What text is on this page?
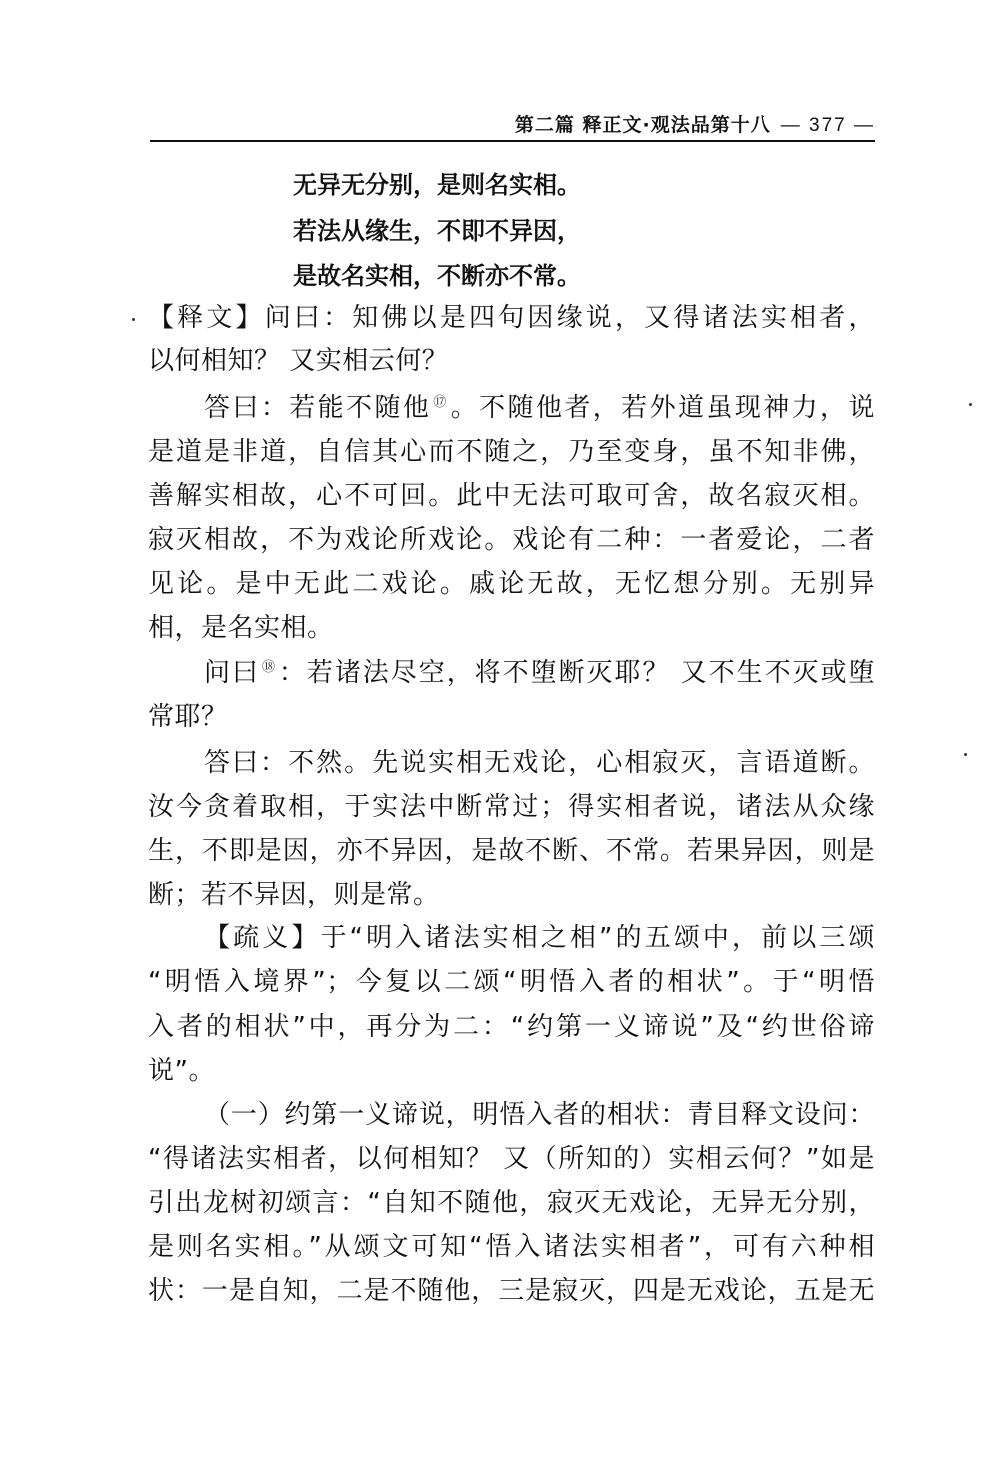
第二篇 释正文·观法品第十八 — 377 —
无异无分别，是则名实相。
若法从缘生，不即不异因，
是故名实相，不断亦不常。
【释文】问曰：知佛以是四句因缘说，又得诸法实相者，
以何相知？ 又实相云何？
答曰：若能不随他 ⑰。不随他者，若外道虽现神力，说
是道是非道，自信其心而不随之，乃至变身，虽不知非佛，
善解实相故，心不可回。此中无法可取可舍，故名寂灭相。
寂灭相故，不为戏论所戏论。戏论有二种：一者爱论，二者
见论。是中无此二戏论。戚论无故，无忆想分别。无别异
相，是名实相。
问曰 ⑱：若诸法尽空，将不堕断灭耶？ 又不生不灭或堕
常耶？
答曰：不然。先说实相无戏论，心相寂灭，言语道断。
汝今贪着取相，于实法中断常过；得实相者说，诸法从众缘
生，不即是因，亦不异因，是故不断、不常。若果异因，则是
断；若不异因，则是常。
【疏义】于“明入诸法实相之相”的五颂中，前以三颂
“明悟入境界”；今复以二颂“明悟入者的相状”。于“明悟
入者的相状”中，再分为二：“约第一义谛说”及“约世俗谛
说”。
（一）约第一义谛说，明悟入者的相状：青目释文设问：
“得诸法实相者，以何相知？ 又（所知的）实相云何？”如是
引出龙树初颂言：“自知不随他，寂灭无戏论，无异无分别，
是则名实相。”从颂文可知“悟入诸法实相者”，可有六种相
状：一是自知，二是不随他，三是寂灭，四是无戏论，五是无
